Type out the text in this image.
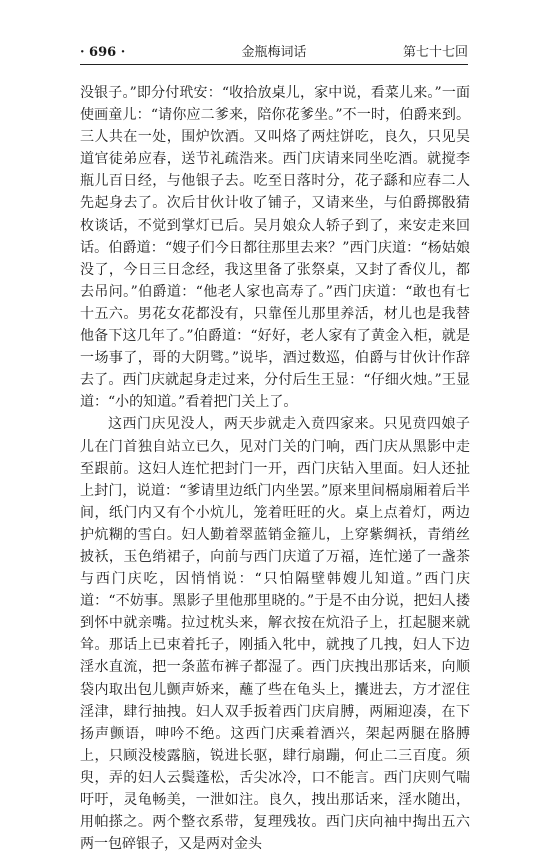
· 696 ·	金瓶梅词话	第七十七回

没银子。”即分付玳安：“收拾放桌儿，家中说，看菜儿来。”一面使画童儿：“请你应二爹来，陪你花爹坐。”不一时，伯爵来到。三人共在一处，围炉饮酒。又叫烙了两炷饼吃，良久，只见吴道官徒弟应春，送节礼疏浩来。西门庆请来同坐吃酒。就搅李瓶儿百日经，与他银子去。吃至日落时分，花子繇和应春二人先起身去了。次后甘伙计收了铺子，又请来坐，与伯爵掷骰猜枚谈话，不觉到掌灯已后。吴月娘众人轿子到了，来安走来回话。伯爵道：“嫂子们今日都往那里去来？”西门庆道：“杨姑娘没了，今日三日念经，我这里备了张祭桌，又封了香仪儿，都去吊问。”伯爵道：“他老人家也高寿了。”西门庆道：“敢也有七十五六。男花女花都没有，只靠侄儿那里养活，材儿也是我替他备下这几年了。”伯爵道：“好好，老人家有了黄金入柜，就是一场事了，哥的大阴骘。”说毕，酒过数巡，伯爵与甘伙计作辞去了。西门庆就起身走过来，分付后生王显：“仔细火烛。”王显道：“小的知道。”看着把门关上了。

这西门庆见没人，两天步就走入贲四家来。只见贲四娘子儿在门首独自站立已久，见对门关的门响，西门庆从黑影中走至跟前。这妇人连忙把封门一开，西门庆钻入里面。妇人还扯上封门，说道：“爹请里边纸门内坐罢。”原来里间槅扇厢着后半间，纸门内又有个小炕儿，笼着旺旺的火。桌上点着灯，两边护炕糊的雪白。妇人勤着翠蓝销金箍儿，上穿紫绸袄，青绡丝披袄，玉色绡裙子，向前与西门庆道了万福，连忙递了一盏茶与西门庆吃，因悄悄说：“只怕隔壁韩嫂儿知道。”西门庆道：“不妨事。黑影子里他那里晓的。”于是不由分说，把妇人搂到怀中就亲嘴。拉过枕头来，解衣按在炕沿子上，扛起腿来就耸。那话上已束着托子，刚插入牝中，就拽了几拽，妇人下边淫水直流，把一条蓝布裤子都湿了。西门庆拽出那话来，向顺袋内取出包儿颤声娇来，蘸了些在龟头上，攮进去，方才涩住淫津，肆行抽拽。妇人双手扳着西门庆肩膊，两厢迎凑，在下扬声颤语，呻吟不绝。这西门庆乘着酒兴，架起两腿在胳膊上，只顾没棱露脑，锐进长驱，肆行扇蹦，何止二三百度。须臾，弄的妇人云鬓蓬松，舌尖冰冷，口不能言。西门庆则气喘吁吁，灵龟畅美，一泄如注。良久，拽出那话来，淫水随出，用帕搽之。两个整衣系带，复理残妆。西门庆向袖中掏出五六两一包碎银子，又是两对金头
